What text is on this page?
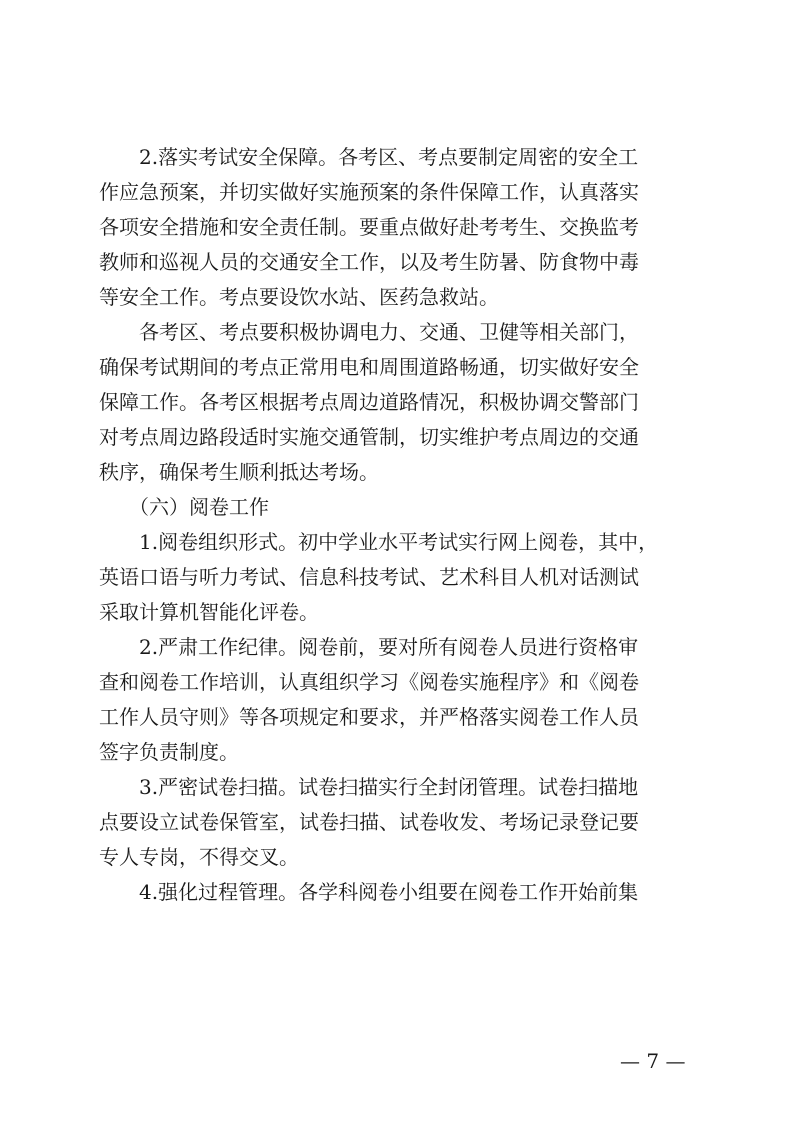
　　2.落实考试安全保障。各考区、考点要制定周密的安全工
作应急预案，并切实做好实施预案的条件保障工作，认真落实
各项安全措施和安全责任制。要重点做好赴考考生、交换监考
教师和巡视人员的交通安全工作，以及考生防暑、防食物中毒
等安全工作。考点要设饮水站、医药急救站。
　　各考区、考点要积极协调电力、交通、卫健等相关部门，
确保考试期间的考点正常用电和周围道路畅通，切实做好安全
保障工作。各考区根据考点周边道路情况，积极协调交警部门
对考点周边路段适时实施交通管制，切实维护考点周边的交通
秩序，确保考生顺利抵达考场。
　　（六）阅卷工作
　　1.阅卷组织形式。初中学业水平考试实行网上阅卷，其中，
英语口语与听力考试、信息科技考试、艺术科目人机对话测试
采取计算机智能化评卷。
　　2.严肃工作纪律。阅卷前，要对所有阅卷人员进行资格审
查和阅卷工作培训，认真组织学习《阅卷实施程序》和《阅卷
工作人员守则》等各项规定和要求，并严格落实阅卷工作人员
签字负责制度。
　　3.严密试卷扫描。试卷扫描实行全封闭管理。试卷扫描地
点要设立试卷保管室，试卷扫描、试卷收发、考场记录登记要
专人专岗，不得交叉。
　　4.强化过程管理。各学科阅卷小组要在阅卷工作开始前集
— 7 —
